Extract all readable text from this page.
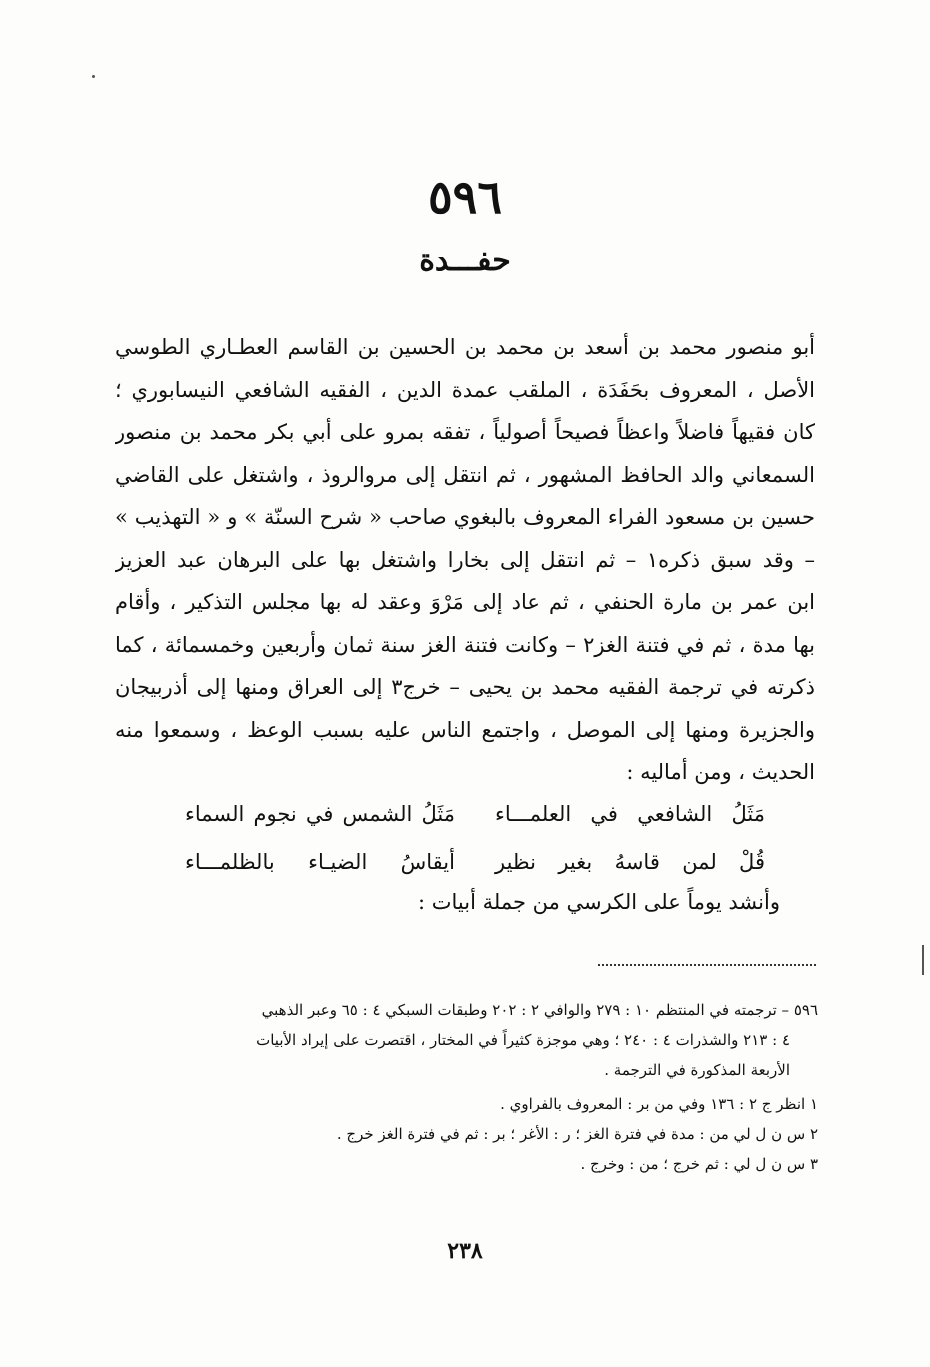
٥٩٦
حفـــدة
أبو منصور محمد بن أسعد بن محمد بن الحسين بن القاسم العطـاري الطوسي
الأصل ، المعروف بحَفَدَة ، الملقب عمدة الدين ، الفقيه الشافعي النيسابوري ؛
كان فقيهاً فاضلاً واعظاً فصيحاً أصولياً ، تفقه بمرو على أبي بكر محمد بن منصور
السمعاني والد الحافظ المشهور ، ثم انتقل إلى مروالروذ ، واشتغل على القاضي
حسين بن مسعود الفراء المعروف بالبغوي صاحب « شرح السنّة » و « التهذيب »
– وقد سبق ذكره١ – ثم انتقل إلى بخارا واشتغل بها على البرهان عبد العزيز
ابن عمر بن مارة الحنفي ، ثم عاد إلى مَرْوَ وعقد له بها مجلس التذكير ، وأقام
بها مدة ، ثم في فتنة الغز٢ – وكانت فتنة الغز سنة ثمان وأربعين وخمسمائة ، كما
ذكرته في ترجمة الفقيه محمد بن يحيى – خرج٣ إلى العراق ومنها إلى أذربيجان
والجزيرة ومنها إلى الموصل ، واجتمع الناس عليه بسبب الوعظ ، وسمعوا منه
الحديث ، ومن أماليه :
مَثَلُ الشافعي في العلمـــاء
مَثَلُ الشمس في نجوم السماء
قُلْ لمن قاسهُ بغير نظير
أيقاسُ الضيـاء بالظلمـــاء
وأنشد يوماً على الكرسي من جملة أبيات :
٥٩٦ – ترجمته في المنتظم ١٠ : ٢٧٩ والوافي ٢ : ٢٠٢ وطبقات السبكي ٤ : ٦٥ وعبر الذهبي
٤ : ٢١٣ والشذرات ٤ : ٢٤٠ ؛ وهي موجزة كثيراً في المختار ، اقتصرت على إيراد الأبيات
الأربعة المذكورة في الترجمة .
١ انظر ج ٢ : ١٣٦ وفي من بر : المعروف بالفراوي .
٢ س ن ل لي من : مدة في فترة الغز ؛ ر : الأغر ؛ بر : ثم في فترة الغز خرج .
٣ س ن ل لي : ثم خرج ؛ من : وخرج .
٢٣٨
